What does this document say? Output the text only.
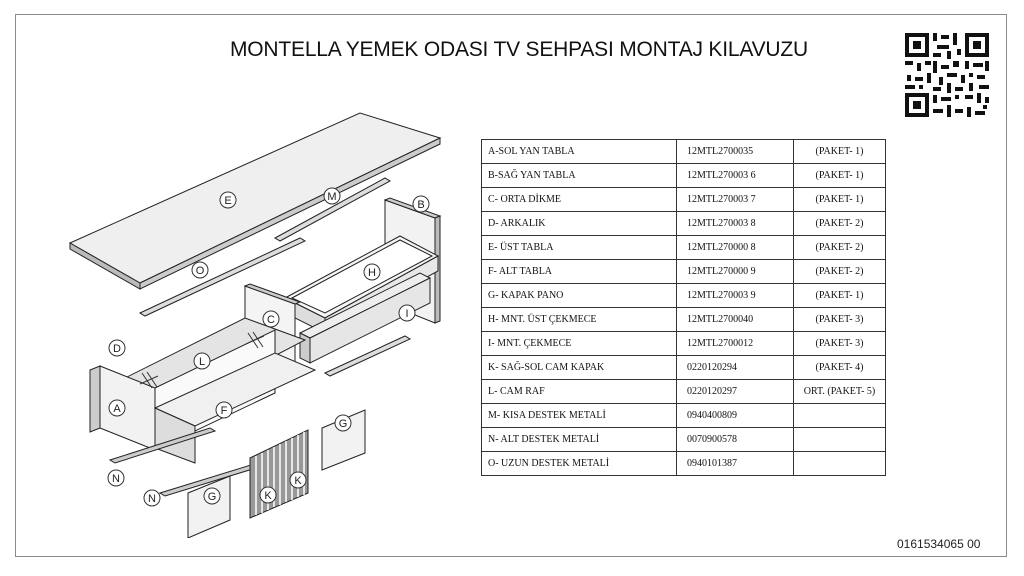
MONTELLA YEMEK ODASI TV SEHPASI MONTAJ KILAVUZU
E	M
B
O	H
C	I
D
L
A	F
G
N
N	G	K
K
A-SOL YAN TABLA	12MTL2700035	(PAKET- 1)
B-SAĞ YAN TABLA	12MTL270003 6	(PAKET- 1)
C- ORTA DİKME	12MTL270003 7	(PAKET- 1)
D- ARKALIK	12MTL270003 8	(PAKET- 2)
E- ÜST TABLA	12MTL270000 8	(PAKET- 2)
F- ALT TABLA	12MTL270000 9	(PAKET- 2)
G- KAPAK PANO	12MTL270003 9	(PAKET- 1)
H- MNT. ÜST ÇEKMECE	12MTL2700040	(PAKET- 3)
I- MNT. ÇEKMECE	12MTL2700012	(PAKET- 3)
K- SAĞ-SOL CAM KAPAK	0220120294	(PAKET- 4)
L- CAM RAF	0220120297	ORT. (PAKET- 5)
M- KISA DESTEK METALİ	0940400809	
N- ALT DESTEK METALİ	0070900578	
O- UZUN DESTEK METALİ	0940101387	
0161534065 00
